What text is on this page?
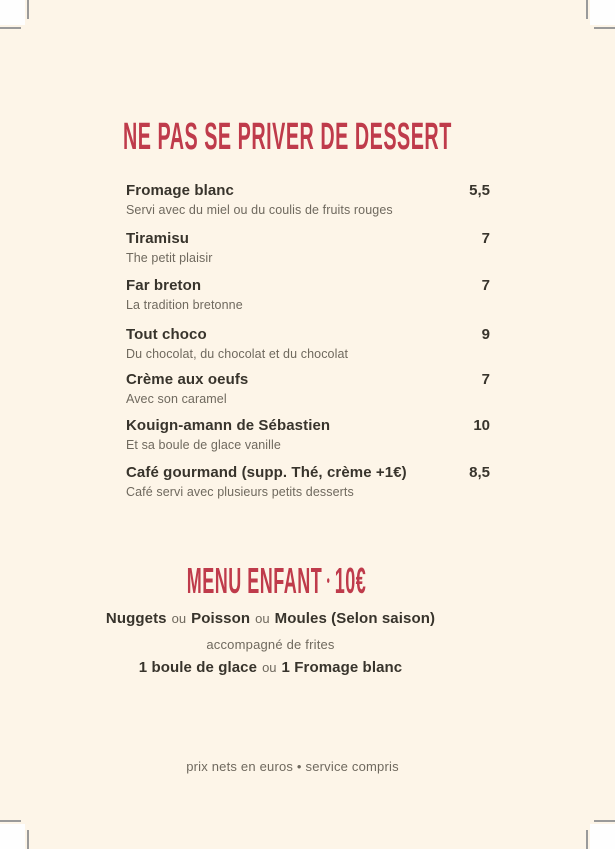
NE PAS SE PRIVER DE DESSERT
Fromage blanc
Servi avec du miel ou du coulis de fruits rouges
5,5
Tiramisu
The petit plaisir
7
Far breton
La tradition bretonne
7
Tout choco
Du chocolat, du chocolat et du chocolat
9
Crème aux oeufs
Avec son caramel
7
Kouign-amann de Sébastien
Et sa boule de glace vanille
10
Café gourmand (supp. Thé, crème +1€)
Café servi avec plusieurs petits desserts
8,5
MENU ENFANT • 10€
Nuggets ou Poisson ou Moules (Selon saison)
accompagné de frites
1 boule de glace ou 1 Fromage blanc
prix nets en euros • service compris
